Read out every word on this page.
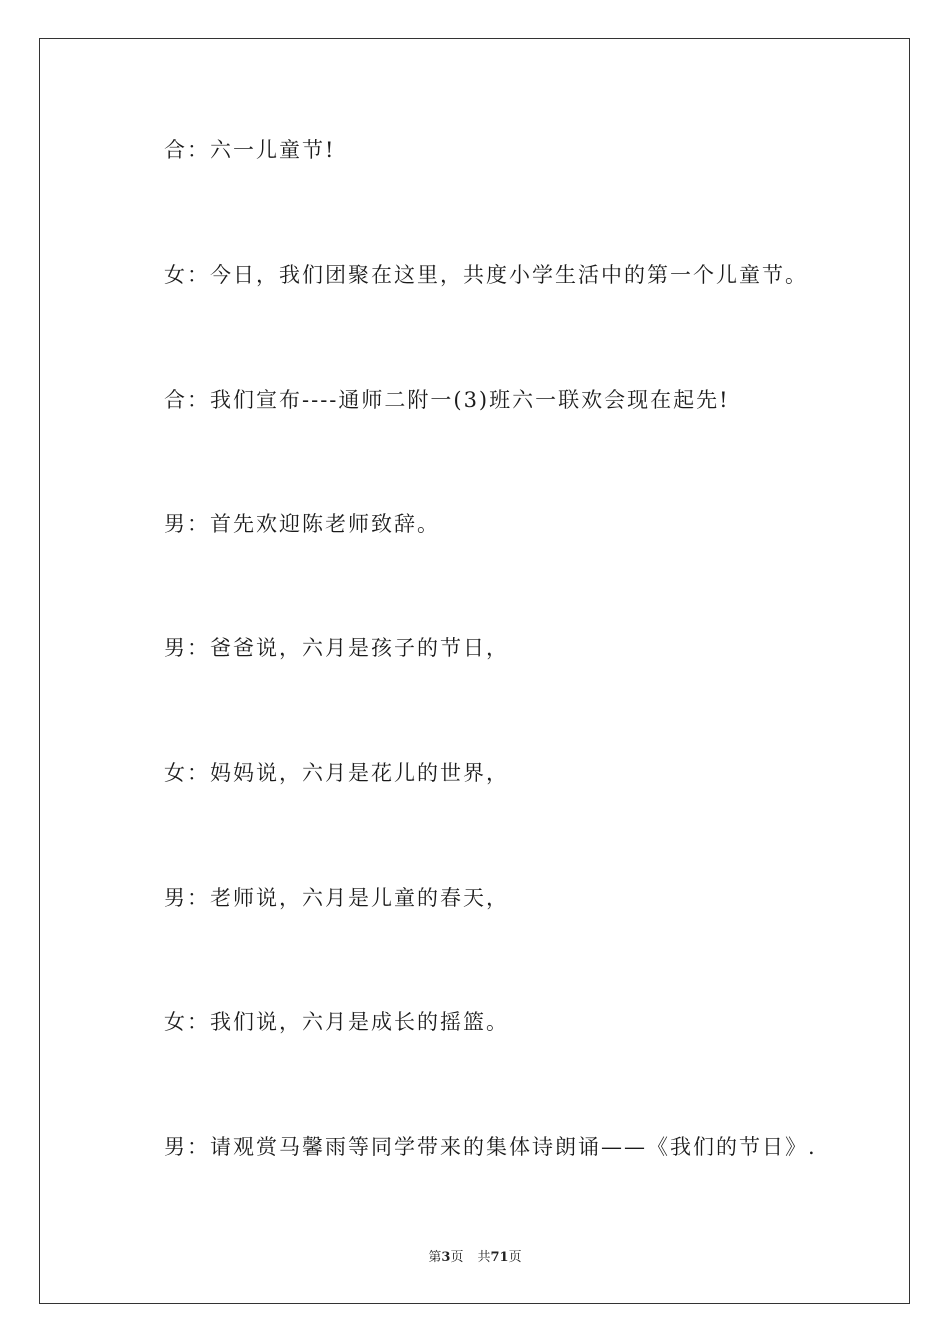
合：六一儿童节!
女：今日，我们团聚在这里，共度小学生活中的第一个儿童节。
合：我们宣布----通师二附一(3)班六一联欢会现在起先!
男：首先欢迎陈老师致辞。
男：爸爸说，六月是孩子的节日，
女：妈妈说，六月是花儿的世界，
男：老师说，六月是儿童的春天，
女：我们说，六月是成长的摇篮。
男：请观赏马馨雨等同学带来的集体诗朗诵——《我们的节日》.
第3页 共71页
